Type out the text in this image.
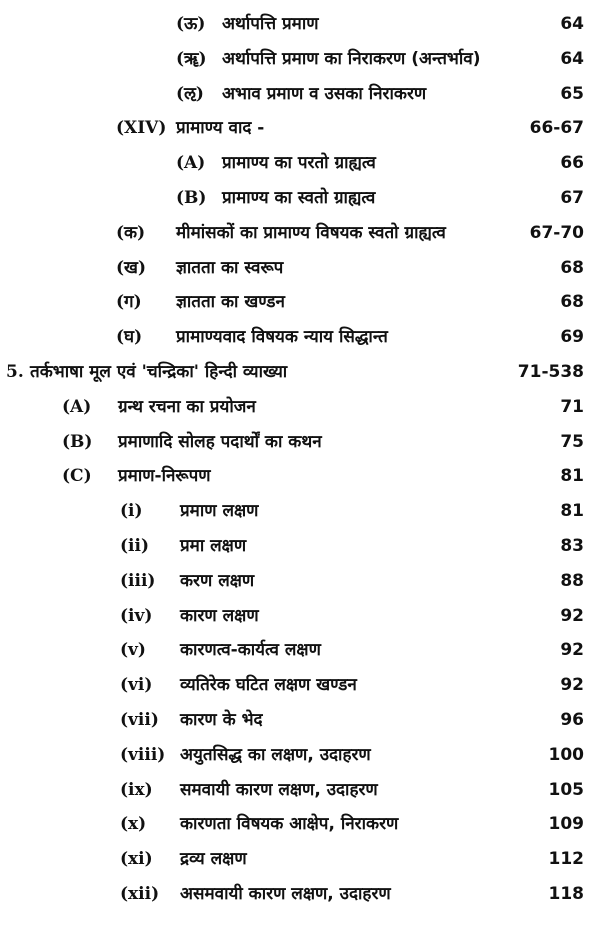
(ऊ) अर्थापत्ति प्रमाण	64
(ॠ) अर्थापत्ति प्रमाण का निराकरण (अन्तर्भाव)	64
(ऌ) अभाव प्रमाण व उसका निराकरण	65
(XIV) प्रामाण्य वाद -	66-67
(A) प्रामाण्य का परतो ग्राह्यत्व	66
(B) प्रामाण्य का स्वतो ग्राह्यत्व	67
(क) मीमांसकों का प्रामाण्य विषयक स्वतो ग्राह्यत्व	67-70
(ख) ज्ञातता का स्वरूप	68
(ग) ज्ञातता का खण्डन	68
(घ) प्रामाण्यवाद विषयक न्याय सिद्धान्त	69
5. तर्कभाषा मूल एवं 'चन्द्रिका' हिन्दी व्याख्या	71-538
(A) ग्रन्थ रचना का प्रयोजन	71
(B) प्रमाणादि सोलह पदार्थों का कथन	75
(C) प्रमाण-निरूपण	81
(i) प्रमाण लक्षण	81
(ii) प्रमा लक्षण	83
(iii) करण लक्षण	88
(iv) कारण लक्षण	92
(v) कारणत्व-कार्यत्व लक्षण	92
(vi) व्यतिरेक घटित लक्षण खण्डन	92
(vii) कारण के भेद	96
(viii) अयुतसिद्ध का लक्षण, उदाहरण	100
(ix) समवायी कारण लक्षण, उदाहरण	105
(x) कारणता विषयक आक्षेप, निराकरण	109
(xi) द्रव्य लक्षण	112
(xii) असमवायी कारण लक्षण, उदाहरण	118
